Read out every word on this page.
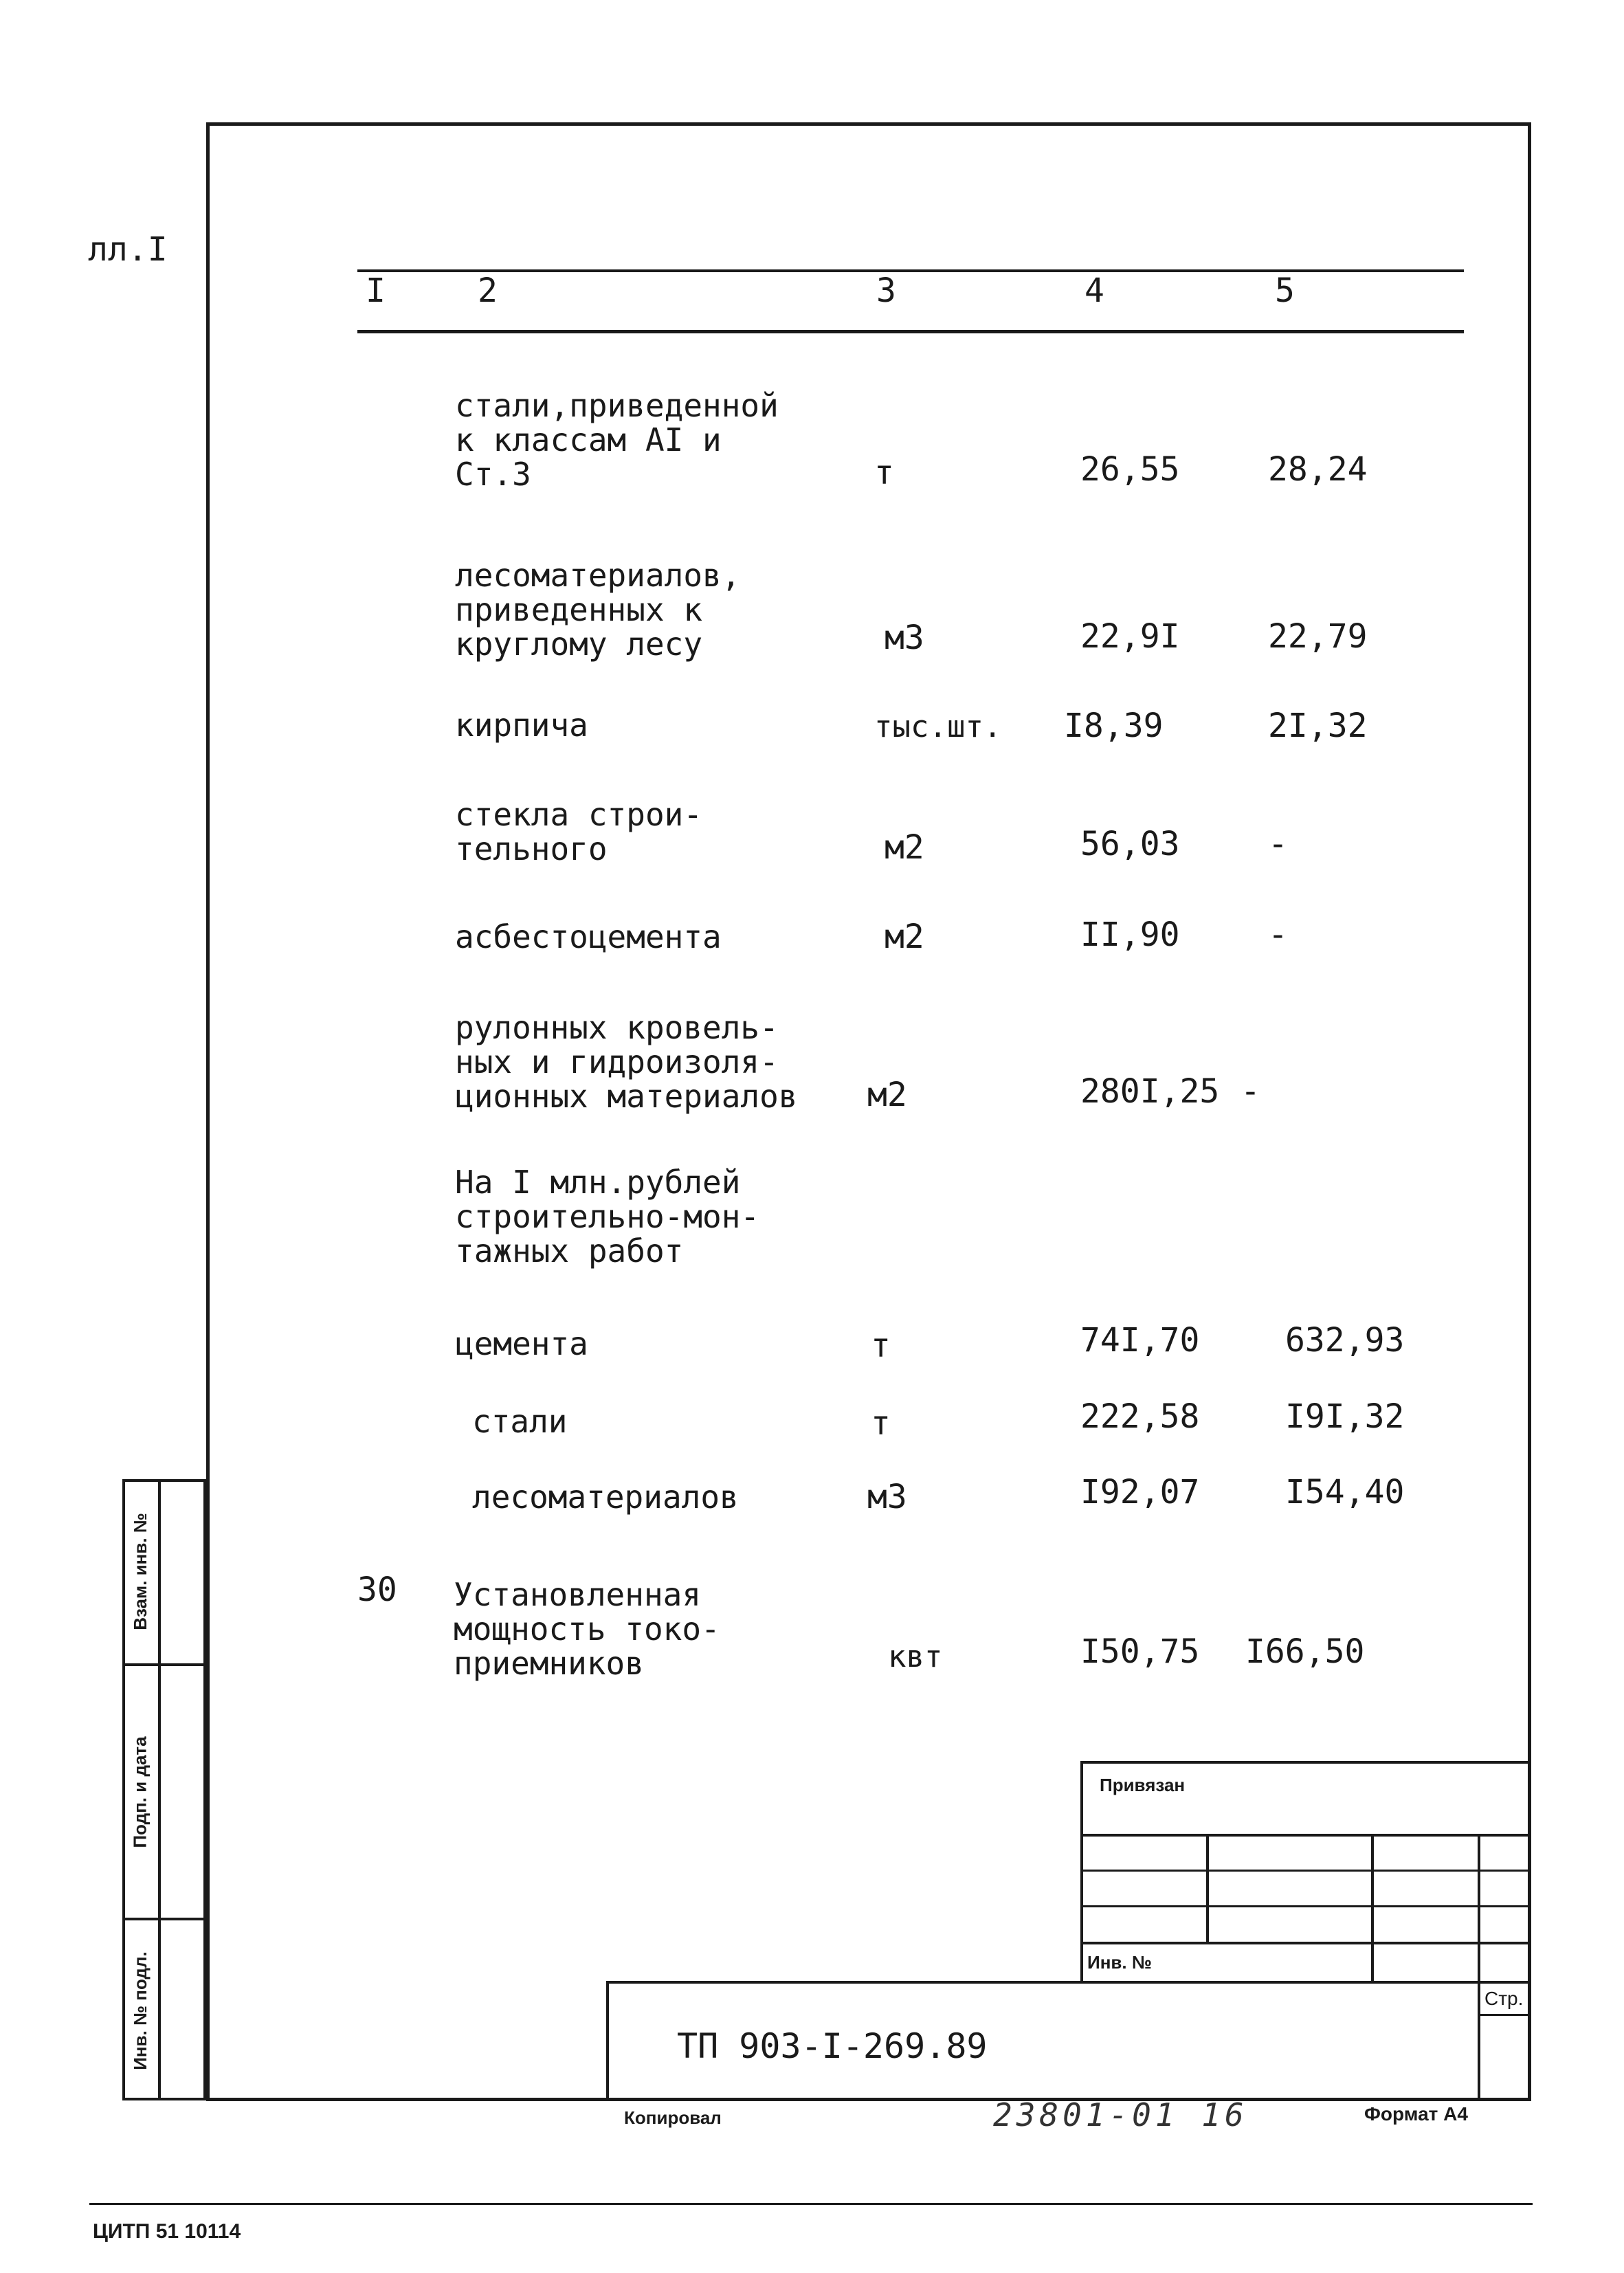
лл.I
I	2	3	4	5
стали,приведенной
к классам АI и
Ст.3	т	26,55	28,24
лесоматериалов,
приведенных к
круглому лесу	м3	22,9I	22,79
кирпича	тыс.шт. I8,39	2I,32
стекла строи-
тельного	м2	56,03	-
асбестоцемента	м2	II,90	-
рулонных кровель-
ных и гидроизоля-
ционных материалов м2	280I,25 -
На I млн.рублей
строительно-мон-
тажных работ
цемента	т	74I,70	632,93
стали	т	222,58	I9I,32
лесоматериалов	м3	I92,07	I54,40
30 Установленная
мощность токо-
приемников	квт	I50,75 I66,50
Взам. инв. №
Подп. и дата
Инв. № подл.
Привязан
Инв. №
Стр.
ТП 903-I-269.89
Копировал	23801-01 16	Формат А4
ЦИТП 51 10114
